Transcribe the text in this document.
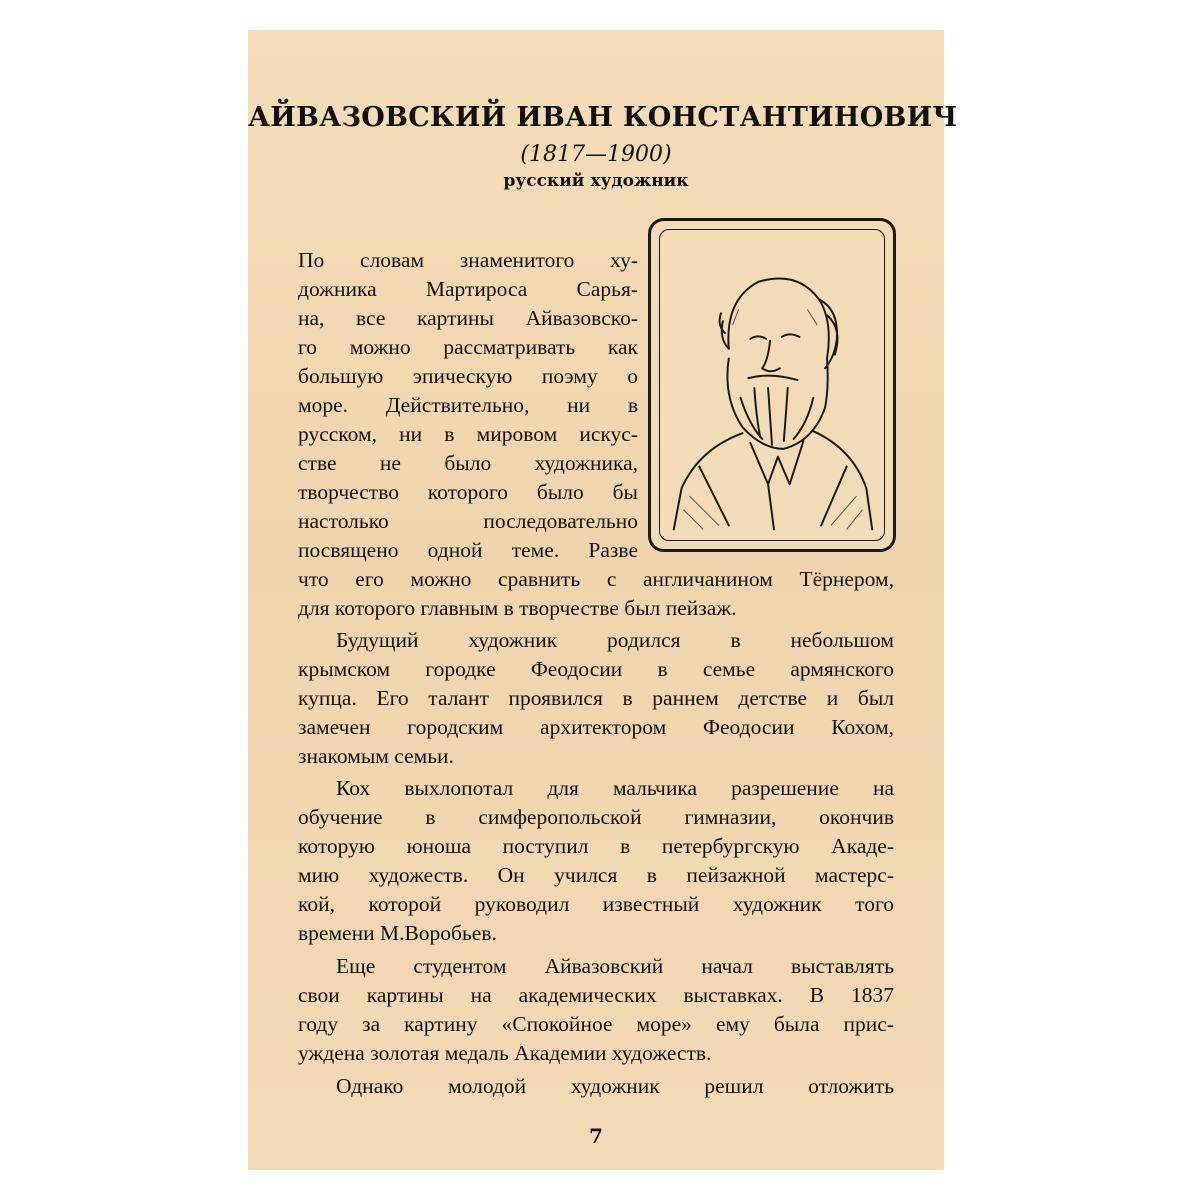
АЙВАЗОВСКИЙ ИВАН КОНСТАНТИНОВИЧ
(1817—1900)
русский художник
По словам знаменитого ху-
дожника Мартироса Сарья-
на, все картины Айвазовско-
го можно рассматривать как
большую эпическую поэму о
море. Действительно, ни в
русском, ни в мировом искус-
стве не было художника,
творчество которого было бы
настолько последовательно
посвящено одной теме. Разве
что его можно сравнить с англичанином Тёрнером,
для которого главным в творчестве был пейзаж.
Будущий художник родился в небольшом
крымском городке Феодосии в семье армянского
купца. Его талант проявился в раннем детстве и был
замечен городским архитектором Феодосии Кохом,
знакомым семьи.
Кох выхлопотал для мальчика разрешение на
обучение в симферопольской гимназии, окончив
которую юноша поступил в петербургскую Акаде-
мию художеств. Он учился в пейзажной мастерс-
кой, которой руководил известный художник того
времени М.Воробьев.
Еще студентом Айвазовский начал выставлять
свои картины на академических выставках. В 1837
году за картину «Спокойное море» ему была прис-
уждена золотая медаль Академии художеств.
Однако молодой художник решил отложить
7
